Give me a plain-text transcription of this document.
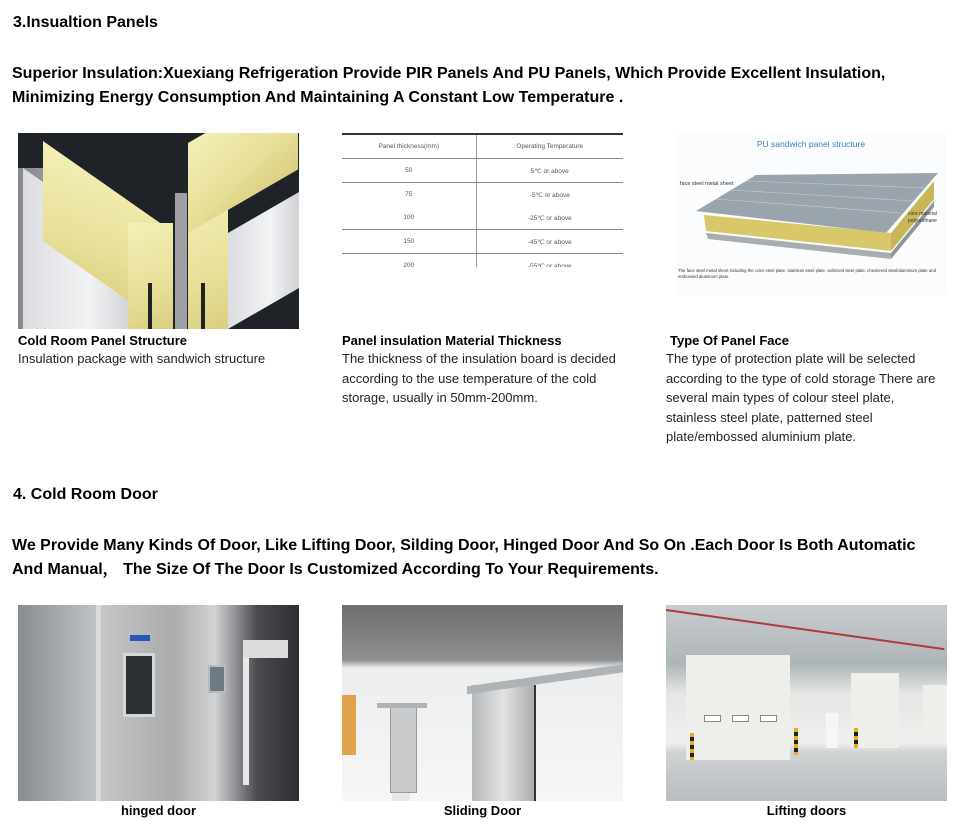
3.Insualtion Panels
Superior Insulation:Xuexiang Refrigeration Provide PIR Panels And PU Panels, Which Provide Excellent Insulation,
Minimizing Energy Consumption And Maintaining A Constant Low Temperature .
Cold Room Panel Structure
Insulation package with sandwich structure
Panel thickness(mm)	Operating Temperature
50	5℃ or above
75	-5℃ or above
100	-25℃ or above
150	-45℃ or above
200	-55℃ or above
Panel insulation Material Thickness
The thickness of the insulation board is decided
according to the use temperature of the cold
storage, usually in 50mm-200mm.
PU sandwich panel structure
face steel metal sheet
core material
polyurethane
The face steel metal sheet including the color steel plate, stainless steel plate, salinized steel plate, checkered steel/aluminum plate and embossed aluminum plate.
Type Of Panel Face
The type of protection plate will be selected
according to the type of cold storage There are
several main types of colour steel plate,
stainless steel plate, patterned steel
plate/embossed aluminium plate.
4. Cold Room Door
We Provide Many Kinds Of Door, Like Lifting Door, Silding Door, Hinged Door And So On .Each Door Is Both Automatic
And Manual， The Size Of The Door Is Customized According To Your Requirements.
hinged door	Sliding Door	Lifting doors
